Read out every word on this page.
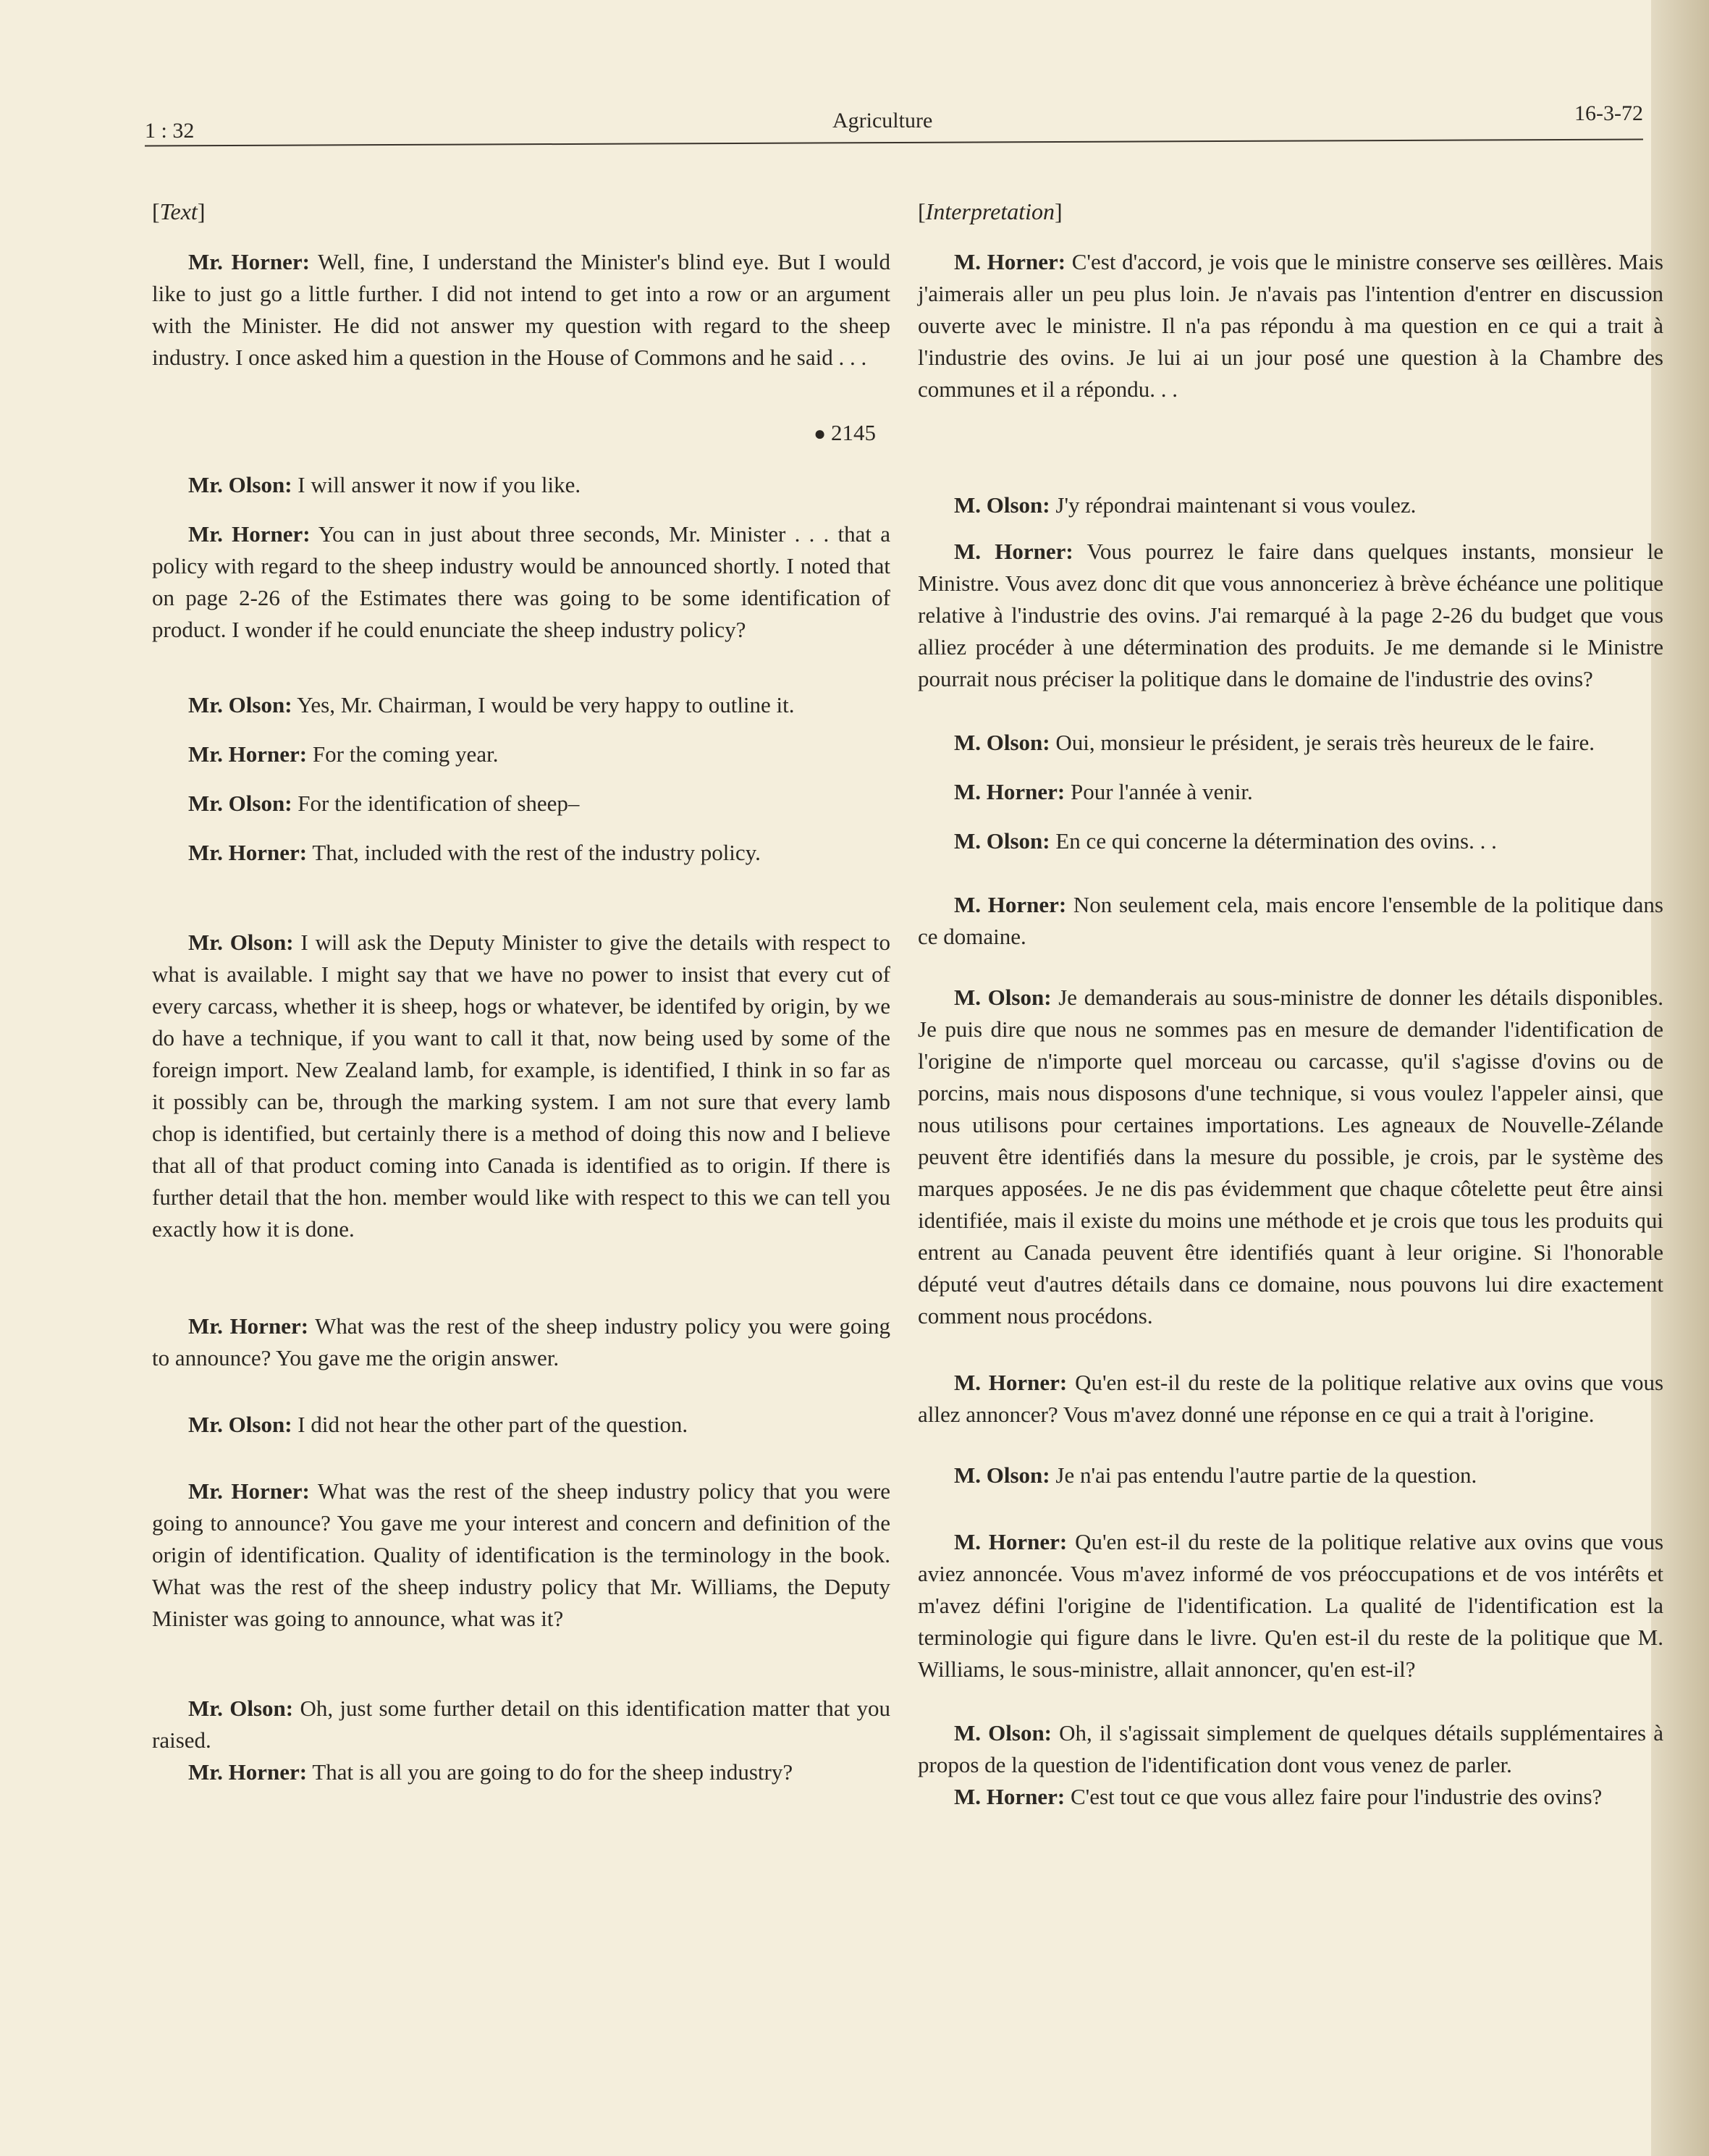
1 : 32	Agriculture	16-3-72
[Text]

Mr. Horner: Well, fine, I understand the Minister's blind eye. But I would like to just go a little further. I did not intend to get into a row or an argument with the Minister. He did not answer my question with regard to the sheep industry. I once asked him a question in the House of Commons and he said . . .

● 2145

Mr. Olson: I will answer it now if you like.

Mr. Horner: You can in just about three seconds, Mr. Minister . . . that a policy with regard to the sheep industry would be announced shortly. I noted that on page 2-26 of the Estimates there was going to be some identification of product. I wonder if he could enunciate the sheep industry policy?

Mr. Olson: Yes, Mr. Chairman, I would be very happy to outline it.

Mr. Horner: For the coming year.

Mr. Olson: For the identification of sheep–

Mr. Horner: That, included with the rest of the industry policy.

Mr. Olson: I will ask the Deputy Minister to give the details with respect to what is available. I might say that we have no power to insist that every cut of every carcass, whether it is sheep, hogs or whatever, be identifed by origin, by we do have a technique, if you want to call it that, now being used by some of the foreign import. New Zealand lamb, for example, is identified, I think in so far as it possibly can be, through the marking system. I am not sure that every lamb chop is identified, but certainly there is a method of doing this now and I believe that all of that product coming into Canada is identified as to origin. If there is further detail that the hon. member would like with respect to this we can tell you exactly how it is done.

Mr. Horner: What was the rest of the sheep industry policy you were going to announce? You gave me the origin answer.

Mr. Olson: I did not hear the other part of the question.

Mr. Horner: What was the rest of the sheep industry policy that you were going to announce? You gave me your interest and concern and definition of the origin of identification. Quality of identification is the terminology in the book. What was the rest of the sheep industry policy that Mr. Williams, the Deputy Minister was going to announce, what was it?

Mr. Olson: Oh, just some further detail on this identification matter that you raised.

Mr. Horner: That is all you are going to do for the sheep industry?

[Interpretation]

M. Horner: C'est d'accord, je vois que le ministre conserve ses œillères. Mais j'aimerais aller un peu plus loin. Je n'avais pas l'intention d'entrer en discussion ouverte avec le ministre. Il n'a pas répondu à ma question en ce qui a trait à l'industrie des ovins. Je lui ai un jour posé une question à la Chambre des communes et il a répondu. . .

M. Olson: J'y répondrai maintenant si vous voulez.

M. Horner: Vous pourrez le faire dans quelques instants, monsieur le Ministre. Vous avez donc dit que vous annonceriez à brève échéance une politique relative à l'industrie des ovins. J'ai remarqué à la page 2-26 du budget que vous alliez procéder à une détermination des produits. Je me demande si le Ministre pourrait nous préciser la politique dans le domaine de l'industrie des ovins?

M. Olson: Oui, monsieur le président, je serais très heureux de le faire.

M. Horner: Pour l'année à venir.

M. Olson: En ce qui concerne la détermination des ovins. . .

M. Horner: Non seulement cela, mais encore l'ensemble de la politique dans ce domaine.

M. Olson: Je demanderais au sous-ministre de donner les détails disponibles. Je puis dire que nous ne sommes pas en mesure de demander l'identification de l'origine de n'importe quel morceau ou carcasse, qu'il s'agisse d'ovins ou de porcins, mais nous disposons d'une technique, si vous voulez l'appeler ainsi, que nous utilisons pour certaines importations. Les agneaux de Nouvelle-Zélande peuvent être identifiés dans la mesure du possible, je crois, par le système des marques apposées. Je ne dis pas évidemment que chaque côtelette peut être ainsi identifiée, mais il existe du moins une méthode et je crois que tous les produits qui entrent au Canada peuvent être identifiés quant à leur origine. Si l'honorable député veut d'autres détails dans ce domaine, nous pouvons lui dire exactement comment nous procédons.

M. Horner: Qu'en est-il du reste de la politique relative aux ovins que vous allez annoncer? Vous m'avez donné une réponse en ce qui a trait à l'origine.

M. Olson: Je n'ai pas entendu l'autre partie de la question.

M. Horner: Qu'en est-il du reste de la politique relative aux ovins que vous aviez annoncée. Vous m'avez informé de vos préoccupations et de vos intérêts et m'avez défini l'origine de l'identification. La qualité de l'identification est la terminologie qui figure dans le livre. Qu'en est-il du reste de la politique que M. Williams, le sous-ministre, allait annoncer, qu'en est-il?

M. Olson: Oh, il s'agissait simplement de quelques détails supplémentaires à propos de la question de l'identification dont vous venez de parler.

M. Horner: C'est tout ce que vous allez faire pour l'industrie des ovins?
